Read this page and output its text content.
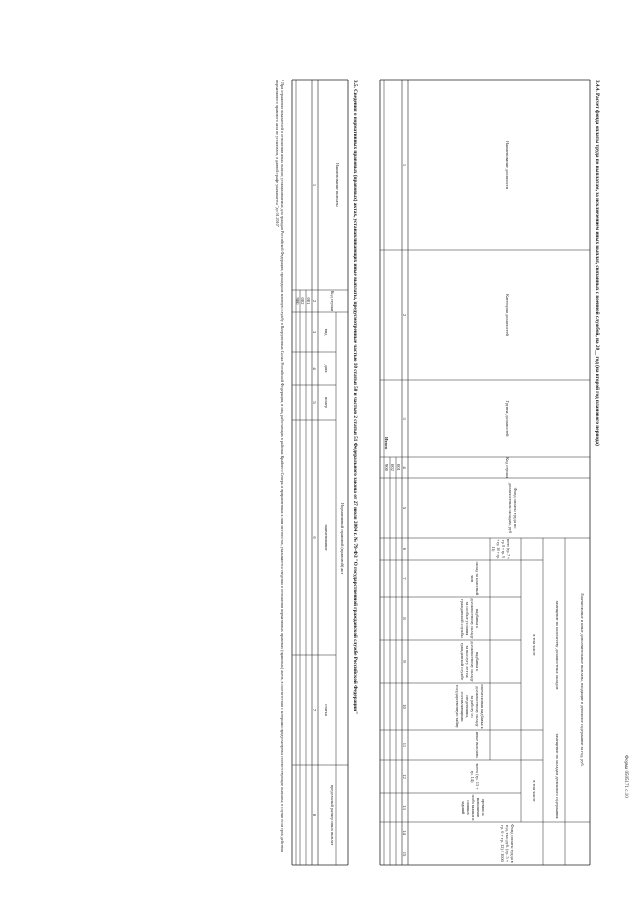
Форма 0505171 с.10
3.4.4. Расчет фонда оплаты труда по выплатам, за исключением иных выплат, связанных с военной службой, на 20__ год (на второй год планового периода)
Наименование должности
Категория должностей
Группа должностей
Код строки
Фонд оплаты труда по должностным окладам, руб
Ежемесячные и иные дополнительные выплаты, входящие в денежное содержание за год, руб.
замещение по количеству должностных окладов
замещение по окладам денежного содержания
всего (гр. 7 + гр. 8 + гр. 9 + гр. 10 + гр. 11)
в том числе
оклад за классный чин
надбавка к должностному окладу за особые условия гражданской службы
надбавка к должностному окладу за выслугу лет на гражданской службе
ежемесячная надбавка к должностному окладу за работу со сведениями, составляющими государственную тайну
иные выплаты
в том числе
всего (гр. 13 + гр. 14)
премии за выполнение особо важных и сложных заданий
Фонд оплаты труда в год, тыс.руб. (гр. 5 + гр. 6 + гр. 12) / 1000
1
2
3
4
5
6
7
8
9
10
11
12
13
14
15
001
002
900
Итого
3.5. Сведения о нормативных правовых (правовых) актах, устанавливающих иные выплаты, предусмотренные частью 10 статьи 50 и частью 2 статьи 51 Федерального закона от 27 июля 2004 г. № 79-ФЗ "О государственной гражданской службе Российской Федерации"
Наименование выплаты
Код строки
Нормативный правовой (правовой) акт
вид
дата
номер
наименование
статья
предельный размер иных выплат
1
2
3
4
5
6
7
8
001
002
900
¹ При отражении показателей в отношении иных выплат, устанавливаемых для граждан Российской Федерации, прошедших военную службу в Вооруженных Силах Российской Федерации, и лиц, работающих в районах Крайнего Севера и приравненных к ним местностях, указываются сведения в отношении нормативных правовых (правовых) актов, в соответствии с которыми предусмотрены соответствующие выплаты; в случае если срок действия нормативного правового акта не установлен, в данной графе указывается "до 01.2010"
